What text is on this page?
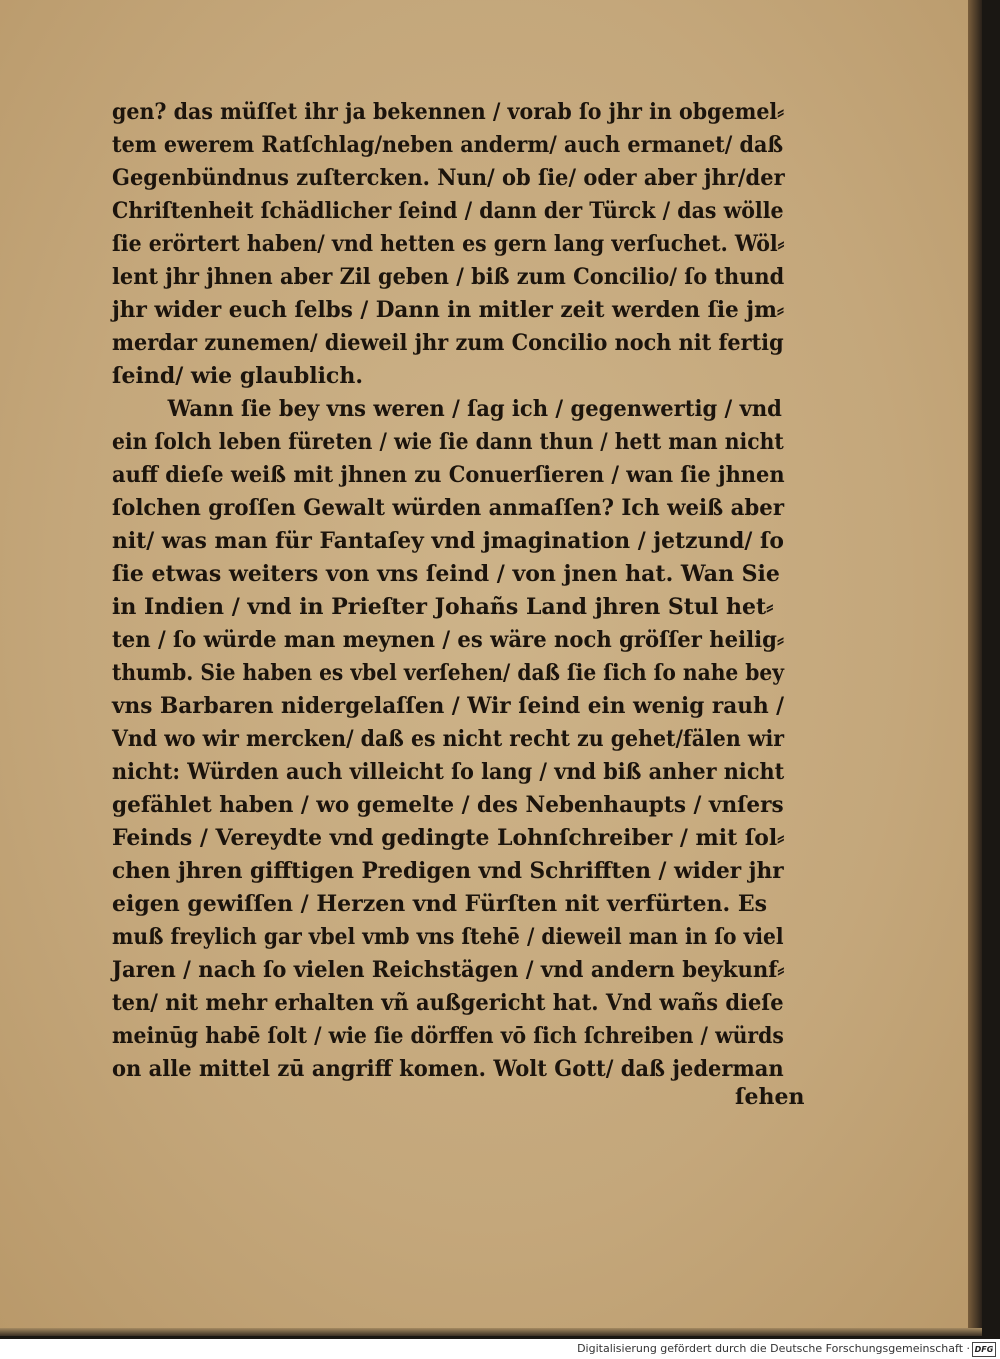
gen? das müſſet ihr ja bekennen / vorab ſo jhr in obgemel⸗
tem ewerem Ratſchlag/neben anderm/ auch ermanet/ daß
Gegenbündnus zuſtercken. Nun/ ob ſie/ oder aber jhr/der
Chriſtenheit ſchädlicher ſeind / dann der Türck / das wölle
ſie erörtert haben/ vnd hetten es gern lang verſuchet. Wöl⸗
lent jhr jhnen aber Zil geben / biß zum Concilio/ ſo thund
jhr wider euch ſelbs / Dann in mitler zeit werden ſie jm⸗
merdar zunemen/ dieweil jhr zum Concilio noch nit fertig
ſeind/ wie glaublich.
Wann ſie bey vns weren / ſag ich / gegenwertig / vnd
ein ſolch leben füreten / wie ſie dann thun / hett man nicht
auff dieſe weiß mit jhnen zu Conuerſieren / wan ſie jhnen
ſolchen groſſen Gewalt würden anmaſſen? Ich weiß aber
nit/ was man für Fantaſey vnd jmagination / jetzund/ ſo
ſie etwas weiters von vns ſeind / von jnen hat. Wan Sie
in Indien / vnd in Prieſter Johañs Land jhren Stul het⸗
ten / ſo würde man meynen / es wäre noch gröſſer heilig⸗
thumb. Sie haben es vbel verſehen/ daß ſie ſich ſo nahe bey
vns Barbaren nidergelaſſen / Wir ſeind ein wenig rauh /
Vnd wo wir mercken/ daß es nicht recht zu gehet/fälen wir
nicht: Würden auch villeicht ſo lang / vnd biß anher nicht
gefählet haben / wo gemelte / des Nebenhaupts / vnſers
Feinds / Vereydte vnd gedingte Lohnſchreiber / mit ſol⸗
chen jhren gifftigen Predigen vnd Schrifften / wider jhr
eigen gewiſſen / Herzen vnd Fürſten nit verfürten. Es
muß freylich gar vbel vmb vns ſtehē / dieweil man in ſo viel
Jaren / nach ſo vielen Reichstägen / vnd andern beykunf⸗
ten/ nit mehr erhalten vñ außgericht hat. Vnd wañs dieſe
meinūg habē ſolt / wie ſie dörffen vō ſich ſchreiben / würds
on alle mittel zū angriff komen. Wolt Gott/ daß jederman
ſehen
Digitalisierung gefördert durch die Deutsche Forschungsgemeinschaft · DFG
